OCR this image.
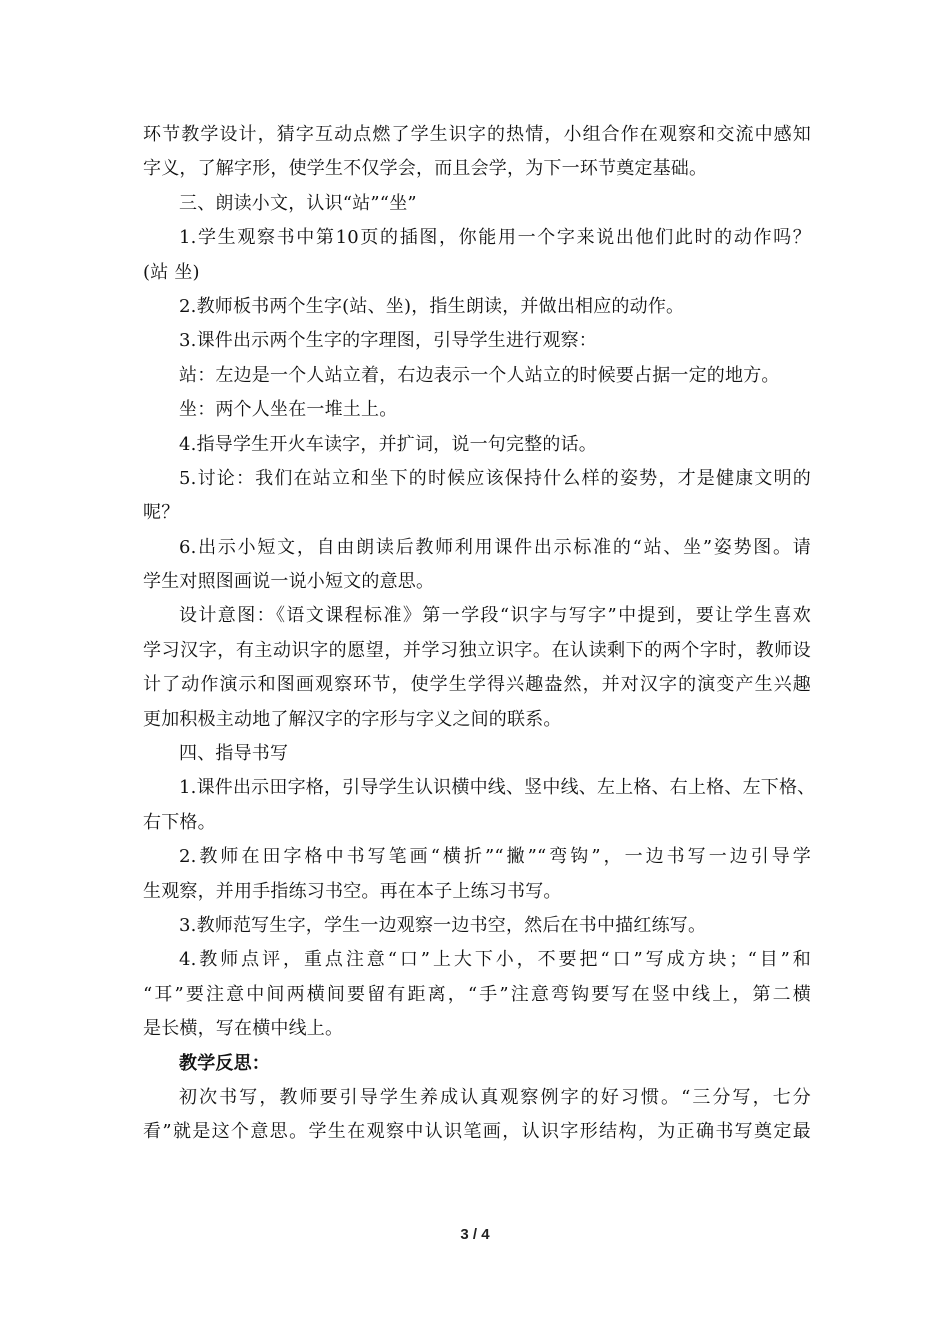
环节教学设计，猜字互动点燃了学生识字的热情，小组合作在观察和交流中感知
字义，了解字形，使学生不仅学会，而且会学，为下一环节奠定基础。
三、朗读小文，认识“站”“坐”
1.学生观察书中第10页的插图，你能用一个字来说出他们此时的动作吗？
(站 坐)
2.教师板书两个生字(站、坐)，指生朗读，并做出相应的动作。
3.课件出示两个生字的字理图，引导学生进行观察：
站：左边是一个人站立着，右边表示一个人站立的时候要占据一定的地方。
坐：两个人坐在一堆土上。
4.指导学生开火车读字，并扩词，说一句完整的话。
5.讨论：我们在站立和坐下的时候应该保持什么样的姿势，才是健康文明的
呢？
6.出示小短文，自由朗读后教师利用课件出示标准的“站、坐”姿势图。请
学生对照图画说一说小短文的意思。
设计意图：《语文课程标准》第一学段“识字与写字”中提到，要让学生喜欢
学习汉字，有主动识字的愿望，并学习独立识字。在认读剩下的两个字时，教师设
计了动作演示和图画观察环节，使学生学得兴趣盎然，并对汉字的演变产生兴趣
更加积极主动地了解汉字的字形与字义之间的联系。
四、指导书写
1.课件出示田字格，引导学生认识横中线、竖中线、左上格、右上格、左下格、
右下格。
2.教师在田字格中书写笔画“横折”“撇”“弯钩”，一边书写一边引导学
生观察，并用手指练习书空。再在本子上练习书写。
3.教师范写生字，学生一边观察一边书空，然后在书中描红练写。
4.教师点评，重点注意“口”上大下小，不要把“口”写成方块；“目”和
“耳”要注意中间两横间要留有距离，“手”注意弯钩要写在竖中线上，第二横
是长横，写在横中线上。
教学反思：
初次书写，教师要引导学生养成认真观察例字的好习惯。“三分写，七分
看”就是这个意思。学生在观察中认识笔画，认识字形结构，为正确书写奠定最
3 / 4
